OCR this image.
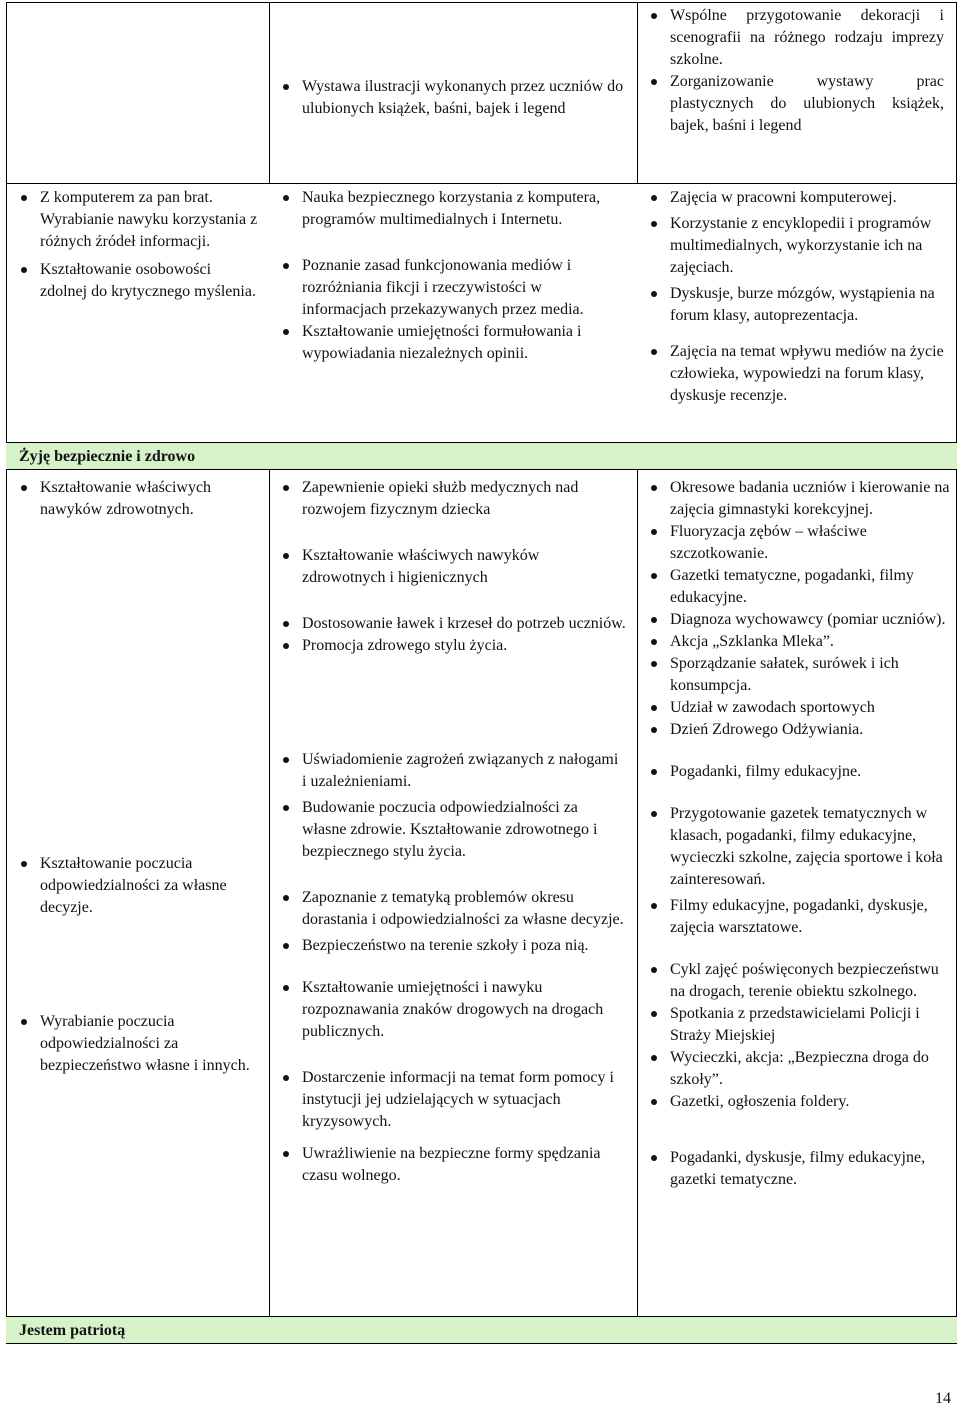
Wystawa ilustracji wykonanych przez uczniów do ulubionych książek, baśni, bajek i legend
Wspólne przygotowanie dekoracji i scenografii na różnego rodzaju imprezy szkolne.
Zorganizowanie wystawy prac plastycznych do ulubionych książek, bajek, baśni i legend
Z komputerem za pan brat. Wyrabianie nawyku korzystania z różnych źródeł informacji.
Kształtowanie osobowości zdolnej do krytycznego myślenia.
Nauka bezpiecznego korzystania z komputera, programów multimedialnych i Internetu.
Poznanie zasad funkcjonowania mediów i rozróżniania fikcji i rzeczywistości w informacjach przekazywanych przez media.
Kształtowanie umiejętności formułowania i wypowiadania niezależnych opinii.
Zajęcia w pracowni komputerowej.
Korzystanie z encyklopedii i programów multimedialnych, wykorzystanie ich na zajęciach.
Dyskusje, burze mózgów, wystąpienia na forum klasy, autoprezentacja.
Zajęcia na temat wpływu mediów na życie człowieka, wypowiedzi na forum klasy, dyskusje recenzje.
Żyję bezpiecznie i zdrowo
Kształtowanie właściwych nawyków zdrowotnych.
Kształtowanie poczucia odpowiedzialności za własne decyzje.
Wyrabianie poczucia odpowiedzialności za bezpieczeństwo własne i innych.
Zapewnienie opieki służb medycznych nad rozwojem fizycznym dziecka
Kształtowanie właściwych nawyków zdrowotnych i higienicznych
Dostosowanie ławek i krzeseł do potrzeb uczniów.
Promocja zdrowego stylu życia.
Uświadomienie zagrożeń związanych z nałogami i uzależnieniami.
Budowanie poczucia odpowiedzialności za własne zdrowie. Kształtowanie zdrowotnego i bezpiecznego stylu życia.
Zapoznanie z tematyką problemów okresu dorastania i odpowiedzialności za własne decyzje.
Bezpieczeństwo na terenie szkoły i poza nią.
Kształtowanie umiejętności i nawyku rozpoznawania znaków drogowych na drogach publicznych.
Dostarczenie informacji na temat form pomocy i instytucji jej udzielających w sytuacjach kryzysowych.
Uwrażliwienie na bezpieczne formy spędzania czasu wolnego.
Okresowe badania uczniów i kierowanie na zajęcia gimnastyki korekcyjnej.
Fluoryzacja zębów – właściwe szczotkowanie.
Gazetki tematyczne, pogadanki, filmy edukacyjne.
Diagnoza wychowawcy (pomiar uczniów).
Akcja „Szklanka Mleka”.
Sporządzanie sałatek, surówek i ich konsumpcja.
Udział w zawodach sportowych
Dzień Zdrowego Odżywiania.
Pogadanki, filmy edukacyjne.
Przygotowanie gazetek tematycznych w klasach, pogadanki, filmy edukacyjne, wycieczki szkolne, zajęcia sportowe i koła zainteresowań.
Filmy edukacyjne, pogadanki, dyskusje, zajęcia warsztatowe.
Cykl zajęć poświęconych bezpieczeństwu na drogach, terenie obiektu szkolnego.
Spotkania z przedstawicielami Policji i Straży Miejskiej
Wycieczki, akcja: „Bezpieczna droga do szkoły”.
Gazetki, ogłoszenia foldery.
Pogadanki, dyskusje, filmy edukacyjne, gazetki tematyczne.
Jestem patriotą
14
